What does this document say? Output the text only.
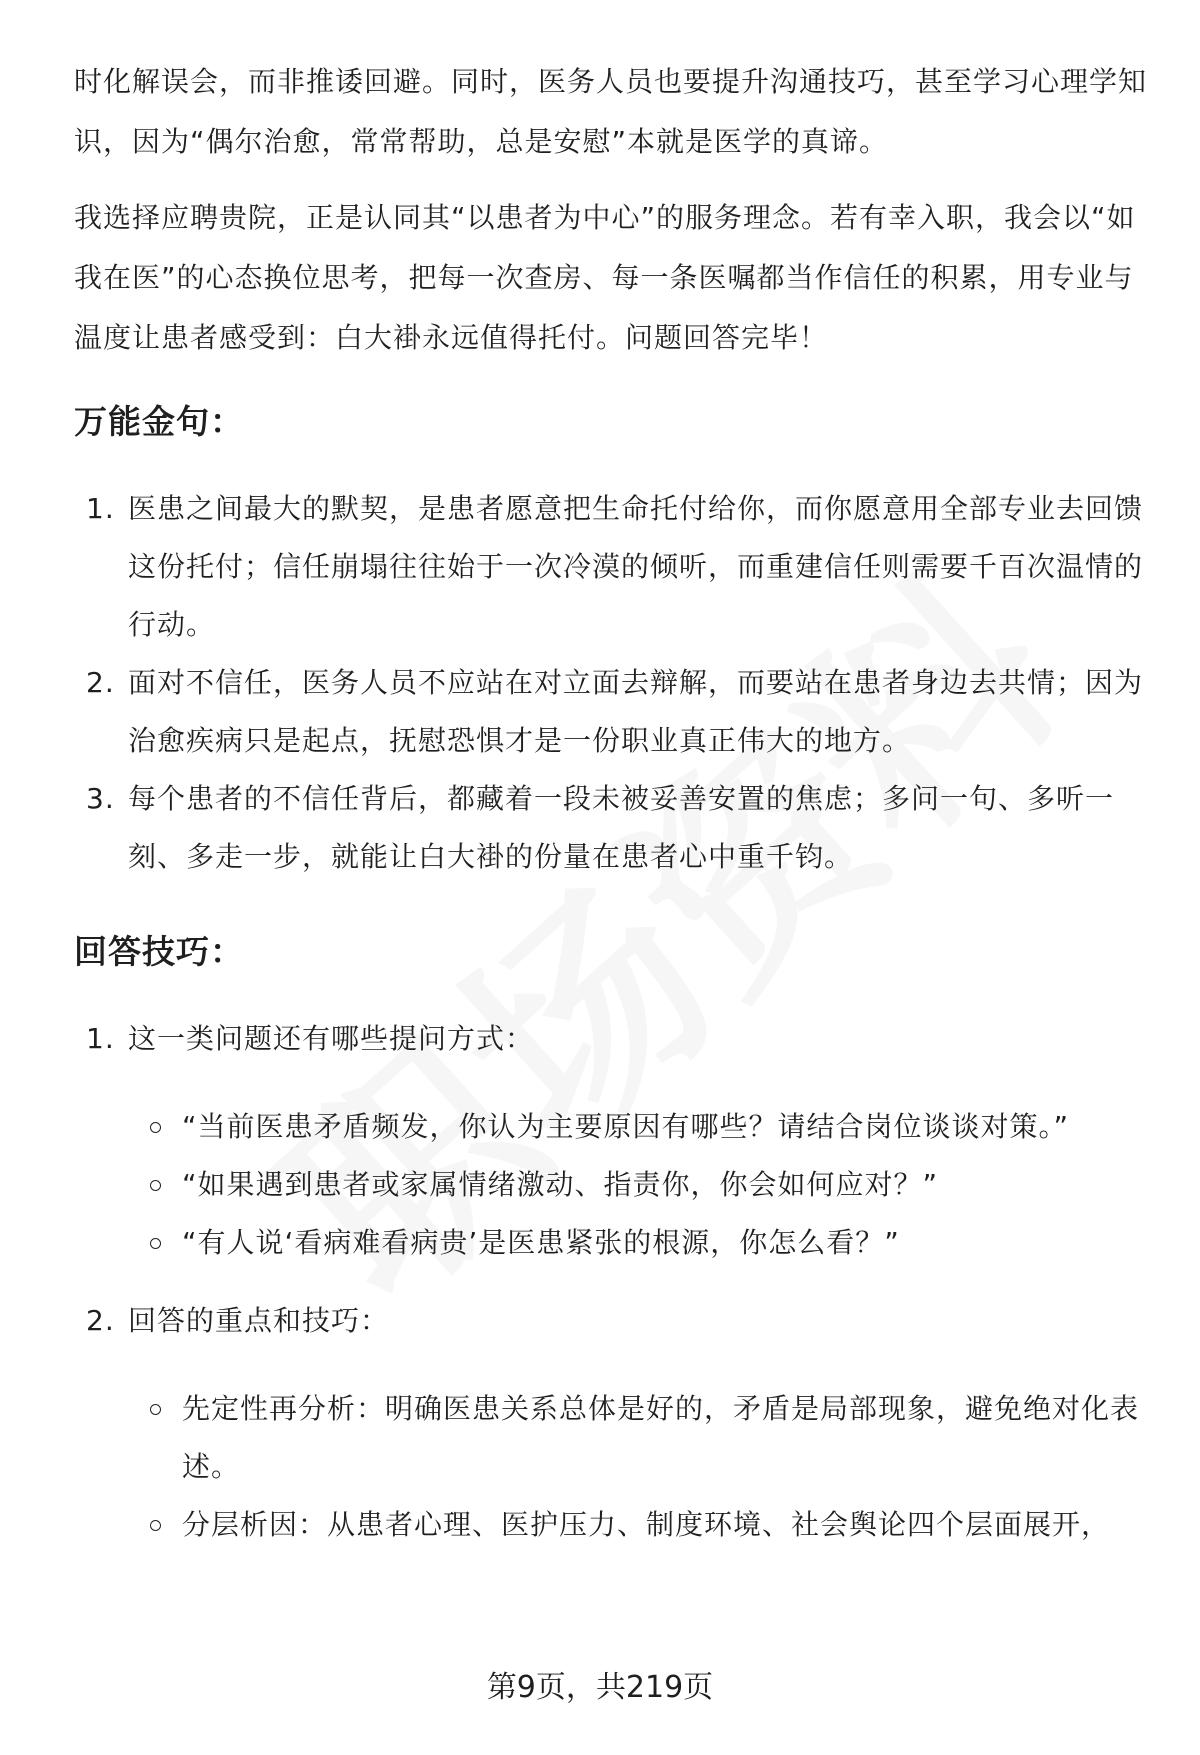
时化解误会，而非推诿回避。同时，医务人员也要提升沟通技巧，甚至学习心理学知识，因为“偶尔治愈，常常帮助，总是安慰”本就是医学的真谛。

我选择应聘贵院，正是认同其“以患者为中心”的服务理念。若有幸入职，我会以“如我在医”的心态换位思考，把每一次查房、每一条医嘱都当作信任的积累，用专业与温度让患者感受到：白大褂永远值得托付。问题回答完毕！

万能金句：
1. 医患之间最大的默契，是患者愿意把生命托付给你，而你愿意用全部专业去回馈这份托付；信任崩塌往往始于一次冷漠的倾听，而重建信任则需要千百次温情的行动。
2. 面对不信任，医务人员不应站在对立面去辩解，而要站在患者身边去共情；因为治愈疾病只是起点，抚慰恐惧才是一份职业真正伟大的地方。
3. 每个患者的不信任背后，都藏着一段未被妥善安置的焦虑；多问一句、多听一刻、多走一步，就能让白大褂的份量在患者心中重千钧。
回答技巧：
1. 这一类问题还有哪些提问方式：
“当前医患矛盾频发，你认为主要原因有哪些？请结合岗位谈谈对策。”
“如果遇到患者或家属情绪激动、指责你，你会如何应对？”
“有人说‘看病难看病贵’是医患紧张的根源，你怎么看？”
2. 回答的重点和技巧：
先定性再分析：明确医患关系总体是好的，矛盾是局部现象，避免绝对化表述。
分层析因：从患者心理、医护压力、制度环境、社会舆论四个层面展开，
第9页，共219页
